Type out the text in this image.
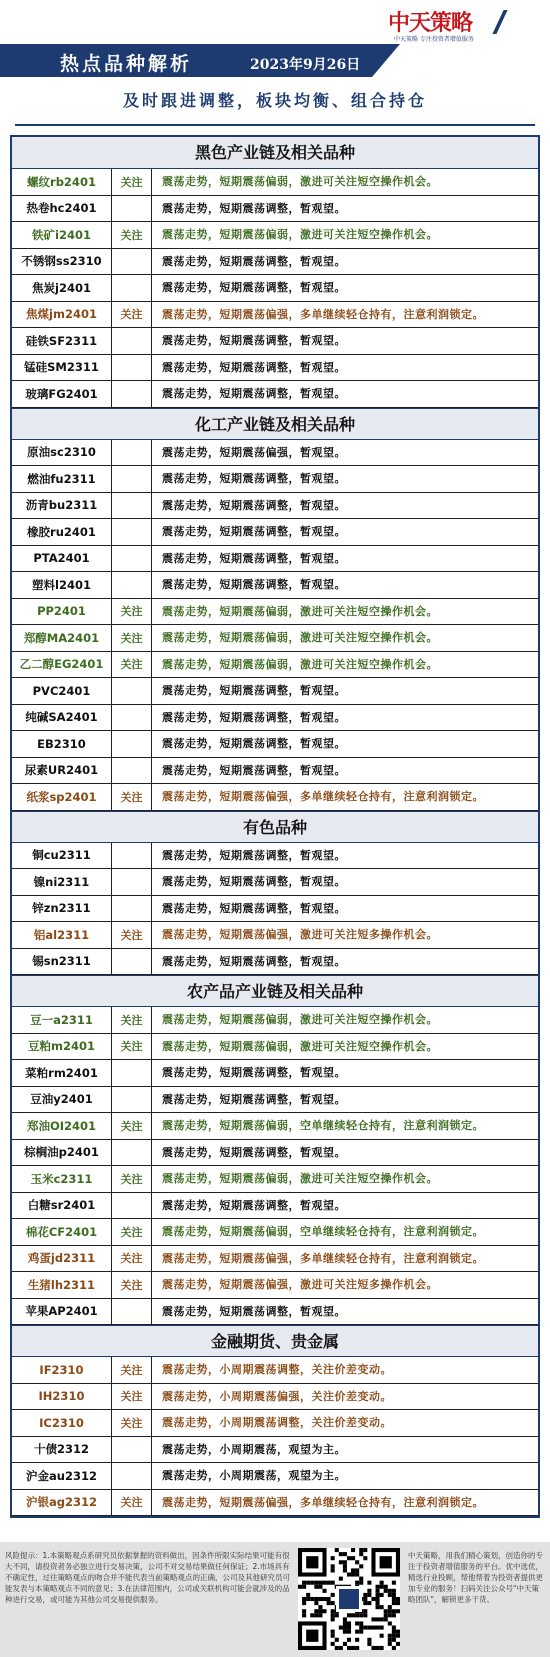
中天策略
中天策略 专注投资者增值服务
热点品种解析	2023年9月26日
及时跟进调整，板块均衡、组合持仓
黑色产业链及相关品种
螺纹rb2401	关注	震荡走势，短期震荡偏弱，激进可关注短空操作机会。
热卷hc2401	震荡走势，短期震荡调整，暂观望。
铁矿i2401	关注	震荡走势，短期震荡偏弱，激进可关注短空操作机会。
不锈钢ss2310	震荡走势，短期震荡调整，暂观望。
焦炭j2401	震荡走势，短期震荡调整，暂观望。
焦煤jm2401	关注	震荡走势，短期震荡偏强，多单继续轻仓持有，注意利润锁定。
硅铁SF2311	震荡走势，短期震荡调整，暂观望。
锰硅SM2311	震荡走势，短期震荡调整，暂观望。
玻璃FG2401	震荡走势，短期震荡调整，暂观望。
化工产业链及相关品种
原油sc2310	震荡走势，短期震荡偏强，暂观望。
燃油fu2311	震荡走势，短期震荡调整，暂观望。
沥青bu2311	震荡走势，短期震荡调整，暂观望。
橡胶ru2401	震荡走势，短期震荡调整，暂观望。
PTA2401	震荡走势，短期震荡调整，暂观望。
塑料l2401	震荡走势，短期震荡调整，暂观望。
PP2401	关注	震荡走势，短期震荡偏弱，激进可关注短空操作机会。
郑醇MA2401	关注	震荡走势，短期震荡偏弱，激进可关注短空操作机会。
乙二醇EG2401	关注	震荡走势，短期震荡偏弱，激进可关注短空操作机会。
PVC2401	震荡走势，短期震荡调整，暂观望。
纯碱SA2401	震荡走势，短期震荡调整，暂观望。
EB2310	震荡走势，短期震荡调整，暂观望。
尿素UR2401	震荡走势，短期震荡调整，暂观望。
纸浆sp2401	关注	震荡走势，短期震荡偏强，多单继续轻仓持有，注意利润锁定。
有色品种
铜cu2311	震荡走势，短期震荡调整，暂观望。
镍ni2311	震荡走势，短期震荡调整，暂观望。
锌zn2311	震荡走势，短期震荡调整，暂观望。
铝al2311	关注	震荡走势，短期震荡偏强，激进可关注短多操作机会。
锡sn2311	震荡走势，短期震荡调整，暂观望。
农产品产业链及相关品种
豆一a2311	关注	震荡走势，短期震荡偏弱，激进可关注短空操作机会。
豆粕m2401	关注	震荡走势，短期震荡偏弱，激进可关注短空操作机会。
菜粕rm2401	震荡走势，短期震荡调整，暂观望。
豆油y2401	震荡走势，短期震荡调整，暂观望。
郑油OI2401	关注	震荡走势，短期震荡偏弱，空单继续轻仓持有，注意利润锁定。
棕榈油p2401	震荡走势，短期震荡调整，暂观望。
玉米c2311	关注	震荡走势，短期震荡偏弱，激进可关注短空操作机会。
白糖sr2401	震荡走势，短期震荡调整，暂观望。
棉花CF2401	关注	震荡走势，短期震荡偏弱，空单继续轻仓持有，注意利润锁定。
鸡蛋jd2311	关注	震荡走势，短期震荡偏强，多单继续轻仓持有，注意利润锁定。
生猪lh2311	关注	震荡走势，短期震荡偏强，激进可关注短多操作机会。
苹果AP2401	震荡走势，短期震荡调整，暂观望。
金融期货、贵金属
IF2310	关注	震荡走势，小周期震荡调整，关注价差变动。
IH2310	关注	震荡走势，小周期震荡偏强，关注价差变动。
IC2310	关注	震荡走势，小周期震荡调整，关注价差变动。
十债2312	震荡走势，小周期震荡，观望为主。
沪金au2312	震荡走势，小周期震荡，观望为主。
沪银ag2312	关注	震荡走势，短期震荡偏强，多单继续轻仓持有，注意利润锁定。
风险提示：1.本策略观点系研究员依据掌握的资料做出，因条件所限实际结果可能有很大不同，请投资者务必独立进行交易决策，公司不对交易结果做任何保证；2.市场具有不确定性，过往策略观点的吻合并不能代表当前策略观点的正确，公司及其他研究员可能发表与本策略观点不同的意见；3.在法律范围内，公司或关联机构可能会就涉及的品种进行交易，或可能为其他公司交易提供服务。
中天策略，用我们精心策划，创造你的专注于投资者增值服务的平台。优中选优，精选行业投顾，帮他帮着为投资者提供更加专业的服务！扫码关注公众号"中天策略团队"，解锁更多干货。
